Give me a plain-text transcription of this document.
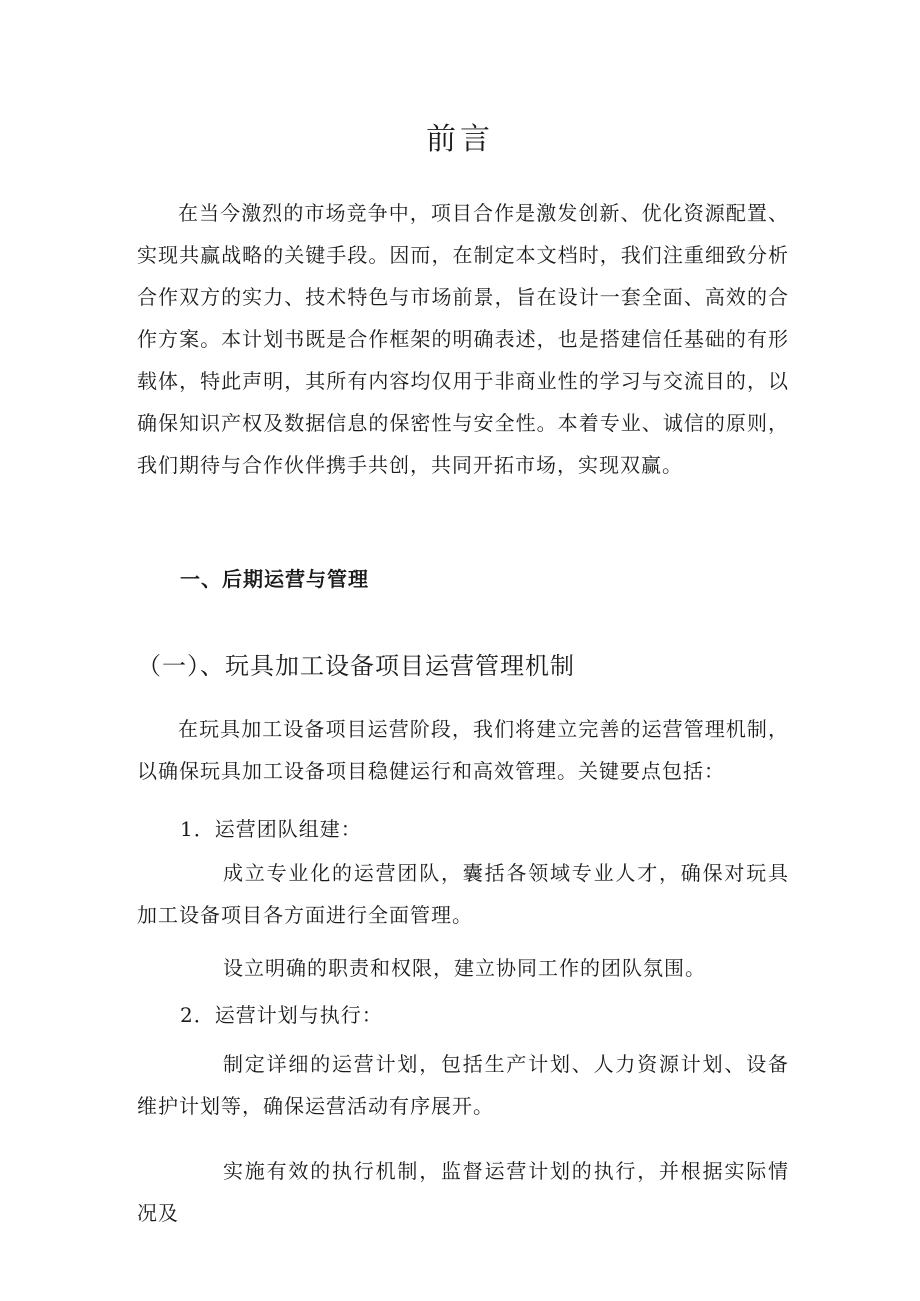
前言

在当今激烈的市场竞争中，项目合作是激发创新、优化资源配置、实现共赢战略的关键手段。因而，在制定本文档时，我们注重细致分析合作双方的实力、技术特色与市场前景，旨在设计一套全面、高效的合作方案。本计划书既是合作框架的明确表述，也是搭建信任基础的有形载体，特此声明，其所有内容均仅用于非商业性的学习与交流目的，以确保知识产权及数据信息的保密性与安全性。本着专业、诚信的原则，我们期待与合作伙伴携手共创，共同开拓市场，实现双赢。

一、后期运营与管理
（一）、玩具加工设备项目运营管理机制

在玩具加工设备项目运营阶段，我们将建立完善的运营管理机制，以确保玩具加工设备项目稳健运行和高效管理。关键要点包括：

1．运营团队组建：

成立专业化的运营团队，囊括各领域专业人才，确保对玩具加工设备项目各方面进行全面管理。

设立明确的职责和权限，建立协同工作的团队氛围。

2．运营计划与执行：

制定详细的运营计划，包括生产计划、人力资源计划、设备维护计划等，确保运营活动有序展开。

实施有效的执行机制，监督运营计划的执行，并根据实际情况及
